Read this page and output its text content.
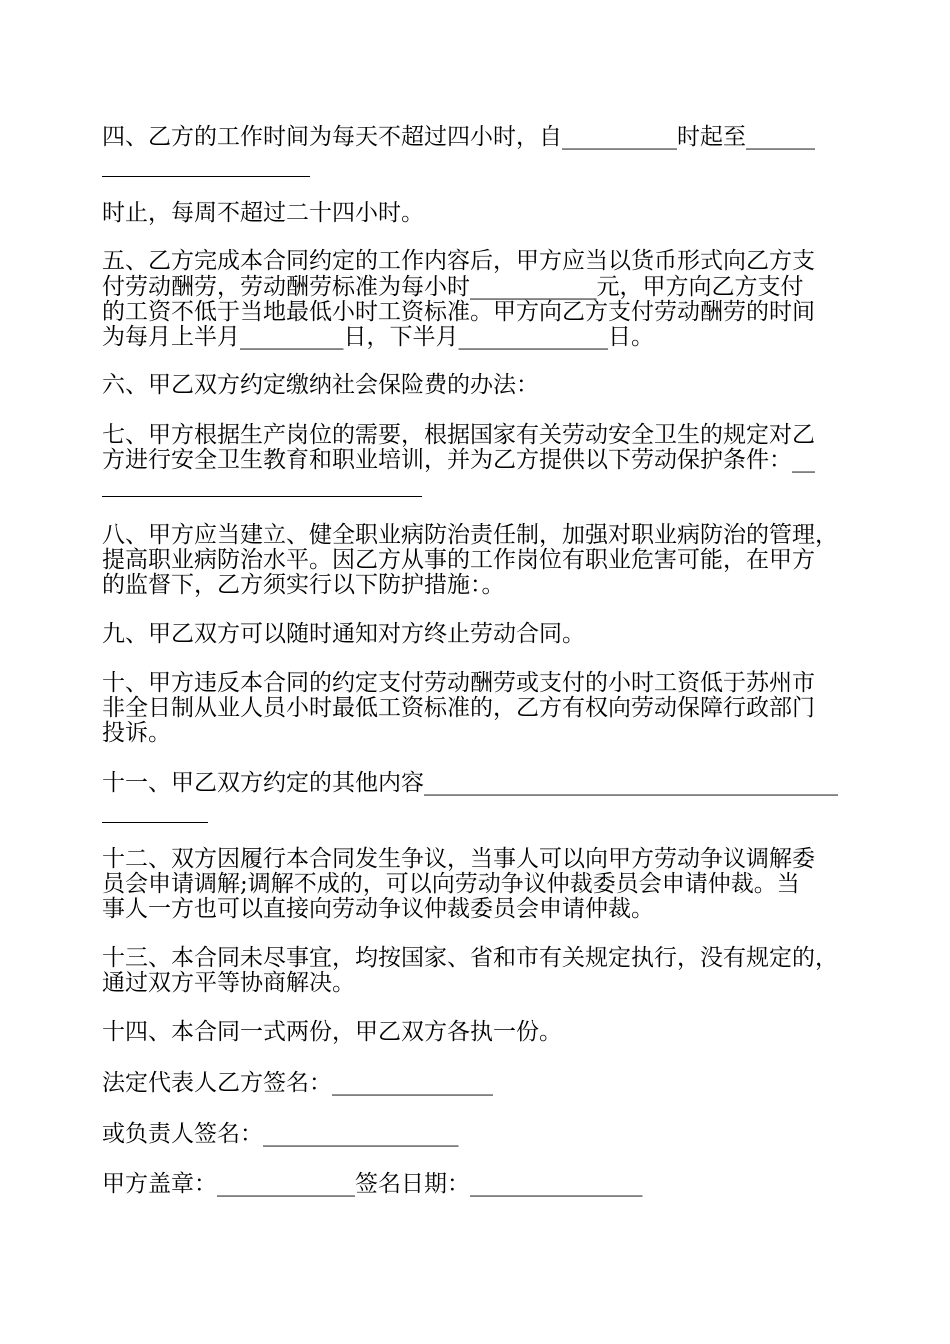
四、乙方的工作时间为每天不超过四小时，自__________时起至______
时止，每周不超过二十四小时。
五、乙方完成本合同约定的工作内容后，甲方应当以货币形式向乙方支
付劳动酬劳，劳动酬劳标准为每小时___________元，甲方向乙方支付
的工资不低于当地最低小时工资标准。甲方向乙方支付劳动酬劳的时间
为每月上半月_________日，下半月_____________日。
六、甲乙双方约定缴纳社会保险费的办法：
七、甲方根据生产岗位的需要，根据国家有关劳动安全卫生的规定对乙
方进行安全卫生教育和职业培训，并为乙方提供以下劳动保护条件：__
八、甲方应当建立、健全职业病防治责任制，加强对职业病防治的管理，
提高职业病防治水平。因乙方从事的工作岗位有职业危害可能，在甲方
的监督下，乙方须实行以下防护措施：。
九、甲乙双方可以随时通知对方终止劳动合同。
十、甲方违反本合同的约定支付劳动酬劳或支付的小时工资低于苏州市
非全日制从业人员小时最低工资标准的，乙方有权向劳动保障行政部门
投诉。
十一、甲乙双方约定的其他内容____________________________________
十二、双方因履行本合同发生争议，当事人可以向甲方劳动争议调解委
员会申请调解;调解不成的，可以向劳动争议仲裁委员会申请仲裁。当
事人一方也可以直接向劳动争议仲裁委员会申请仲裁。
十三、本合同未尽事宜，均按国家、省和市有关规定执行，没有规定的，
通过双方平等协商解决。
十四、本合同一式两份，甲乙双方各执一份。
法定代表人乙方签名：______________
或负责人签名：_________________
甲方盖章：____________签名日期：_______________
